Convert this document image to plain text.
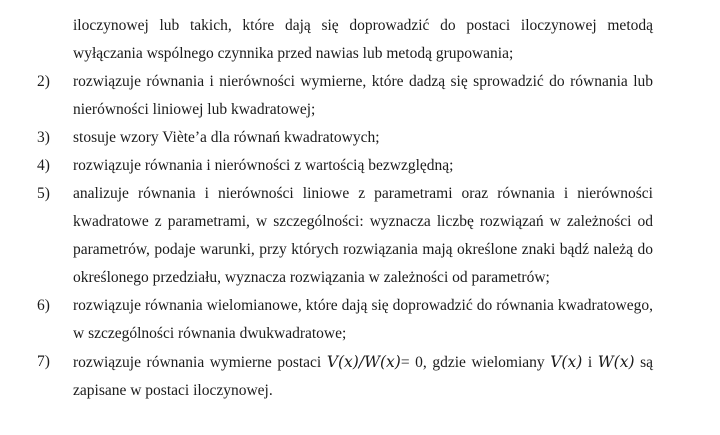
iloczynowej lub takich, które dają się doprowadzić do postaci iloczynowej metodą wyłączania wspólnego czynnika przed nawias lub metodą grupowania;
2) rozwiązuje równania i nierówności wymierne, które dadzą się sprowadzić do równania lub nierówności liniowej lub kwadratowej;
3) stosuje wzory Viète’a dla równań kwadratowych;
4) rozwiązuje równania i nierówności z wartością bezwzględną;
5) analizuje równania i nierówności liniowe z parametrami oraz równania i nierówności kwadratowe z parametrami, w szczególności: wyznacza liczbę rozwiązań w zależności od parametrów, podaje warunki, przy których rozwiązania mają określone znaki bądź należą do określonego przedziału, wyznacza rozwiązania w zależności od parametrów;
6) rozwiązuje równania wielomianowe, które dają się doprowadzić do równania kwadratowego, w szczególności równania dwukwadratowe;
7) rozwiązuje równania wymierne postaci V(x)/W(x)= 0, gdzie wielomiany V(x) i W(x) są zapisane w postaci iloczynowej.
